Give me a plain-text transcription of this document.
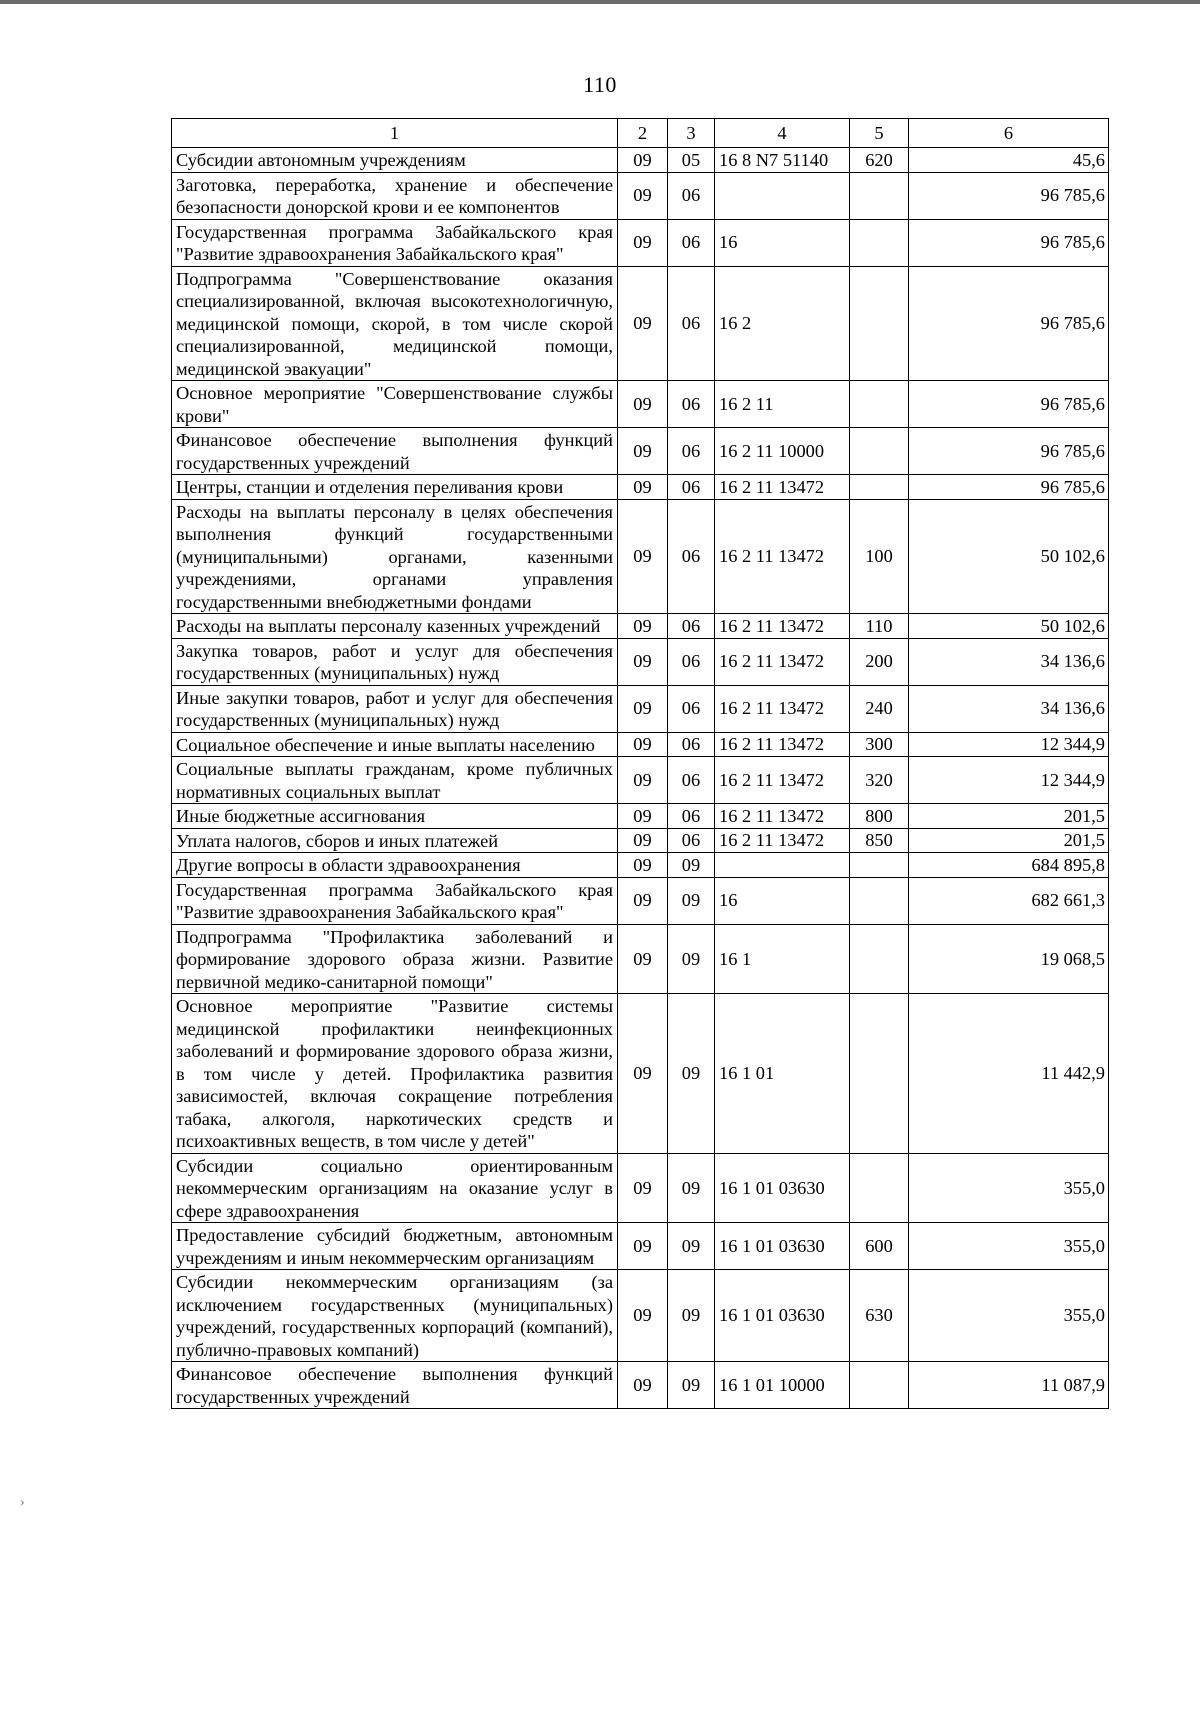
110
1	2	3	4	5	6
Субсидии автономным учреждениям	09	05	16 8 N7 51140	620	45,6
Заготовка, переработка, хранение и обеспечение безопасности донорской крови и ее компонентов	09	06			96 785,6
Государственная программа Забайкальского края "Развитие здравоохранения Забайкальского края"	09	06	16		96 785,6
Подпрограмма "Совершенствование оказания специализированной, включая высокотехнологичную, медицинской помощи, скорой, в том числе скорой специализированной, медицинской помощи, медицинской эвакуации"	09	06	16 2		96 785,6
Основное мероприятие "Совершенствование службы крови"	09	06	16 2 11		96 785,6
Финансовое обеспечение выполнения функций государственных учреждений	09	06	16 2 11 10000		96 785,6
Центры, станции и отделения переливания крови	09	06	16 2 11 13472		96 785,6
Расходы на выплаты персоналу в целях обеспечения выполнения функций государственными (муниципальными) органами, казенными учреждениями, органами управления государственными внебюджетными фондами	09	06	16 2 11 13472	100	50 102,6
Расходы на выплаты персоналу казенных учреждений	09	06	16 2 11 13472	110	50 102,6
Закупка товаров, работ и услуг для обеспечения государственных (муниципальных) нужд	09	06	16 2 11 13472	200	34 136,6
Иные закупки товаров, работ и услуг для обеспечения государственных (муниципальных) нужд	09	06	16 2 11 13472	240	34 136,6
Социальное обеспечение и иные выплаты населению	09	06	16 2 11 13472	300	12 344,9
Социальные выплаты гражданам, кроме публичных нормативных социальных выплат	09	06	16 2 11 13472	320	12 344,9
Иные бюджетные ассигнования	09	06	16 2 11 13472	800	201,5
Уплата налогов, сборов и иных платежей	09	06	16 2 11 13472	850	201,5
Другие вопросы в области здравоохранения	09	09			684 895,8
Государственная программа Забайкальского края "Развитие здравоохранения Забайкальского края"	09	09	16		682 661,3
Подпрограмма "Профилактика заболеваний и формирование здорового образа жизни. Развитие первичной медико-санитарной помощи"	09	09	16 1		19 068,5
Основное мероприятие "Развитие системы медицинской профилактики неинфекционных заболеваний и формирование здорового образа жизни, в том числе у детей. Профилактика развития зависимостей, включая сокращение потребления табака, алкоголя, наркотических средств и психоактивных веществ, в том числе у детей"	09	09	16 1 01		11 442,9
Субсидии социально ориентированным некоммерческим организациям на оказание услуг в сфере здравоохранения	09	09	16 1 01 03630		355,0
Предоставление субсидий бюджетным, автономным учреждениям и иным некоммерческим организациям	09	09	16 1 01 03630	600	355,0
Субсидии некоммерческим организациям (за исключением государственных (муниципальных) учреждений, государственных корпораций (компаний), публично-правовых компаний)	09	09	16 1 01 03630	630	355,0
Финансовое обеспечение выполнения функций государственных учреждений	09	09	16 1 01 10000		11 087,9
›
